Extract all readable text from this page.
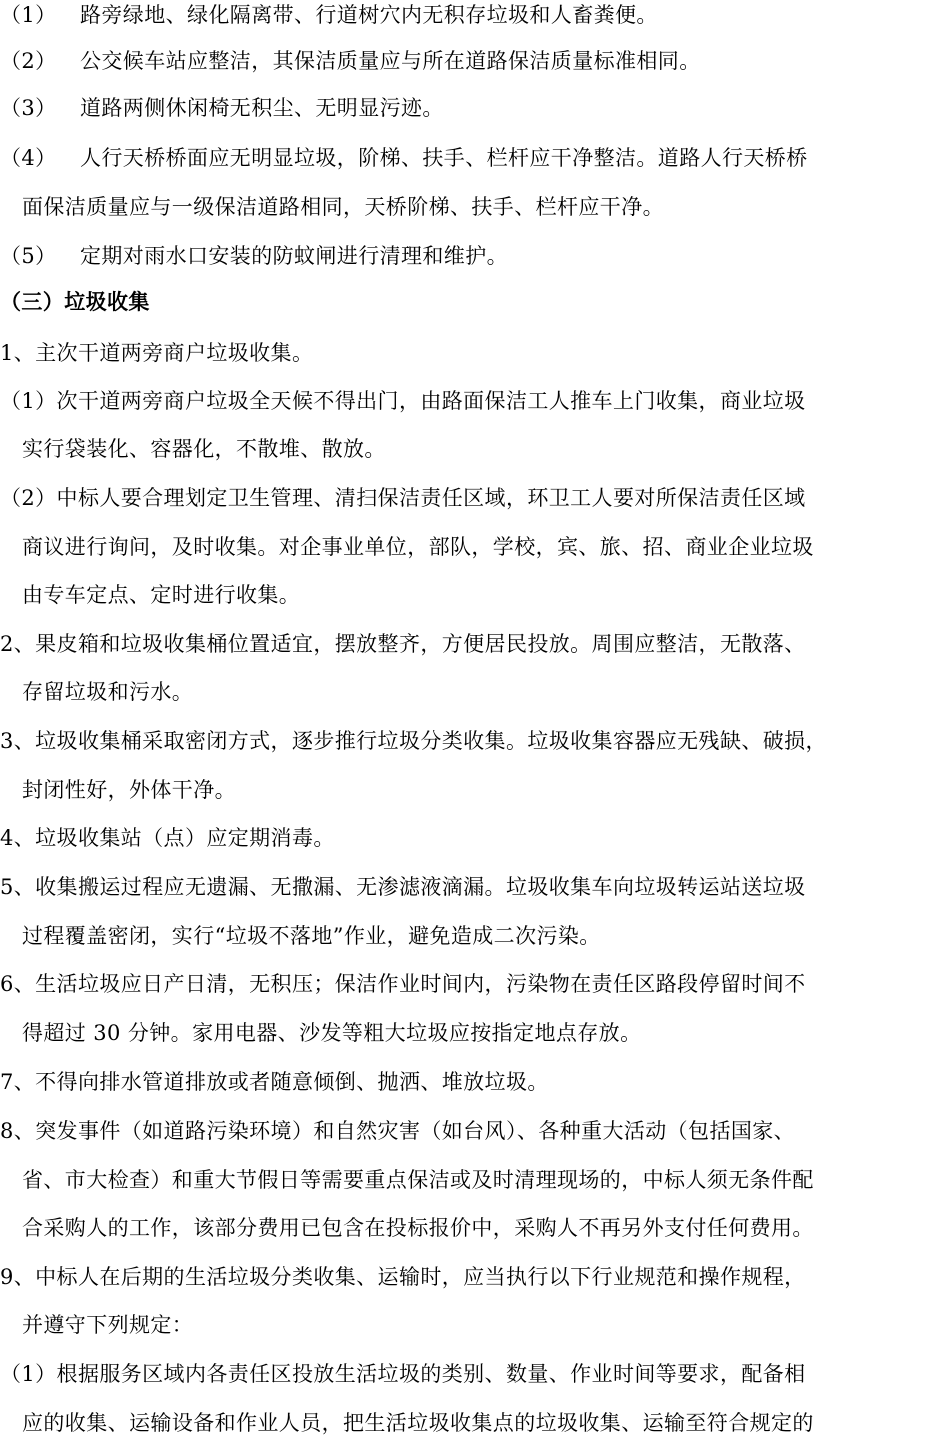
（1） 路旁绿地、绿化隔离带、行道树穴内无积存垃圾和人畜粪便。
（2） 公交候车站应整洁，其保洁质量应与所在道路保洁质量标准相同。
（3） 道路两侧休闲椅无积尘、无明显污迹。
（4） 人行天桥桥面应无明显垃圾，阶梯、扶手、栏杆应干净整洁。道路人行天桥桥
面保洁质量应与一级保洁道路相同，天桥阶梯、扶手、栏杆应干净。
（5） 定期对雨水口安装的防蚊闸进行清理和维护。
（三）垃圾收集
1、主次干道两旁商户垃圾收集。
（1）次干道两旁商户垃圾全天候不得出门，由路面保洁工人推车上门收集，商业垃圾
实行袋装化、容器化，不散堆、散放。
（2）中标人要合理划定卫生管理、清扫保洁责任区域，环卫工人要对所保洁责任区域
商议进行询问，及时收集。对企事业单位，部队，学校，宾、旅、招、商业企业垃圾
由专车定点、定时进行收集。
2、果皮箱和垃圾收集桶位置适宜，摆放整齐，方便居民投放。周围应整洁，无散落、
存留垃圾和污水。
3、垃圾收集桶采取密闭方式，逐步推行垃圾分类收集。垃圾收集容器应无残缺、破损，
封闭性好，外体干净。
4、垃圾收集站（点）应定期消毒。
5、收集搬运过程应无遗漏、无撒漏、无渗滤液滴漏。垃圾收集车向垃圾转运站送垃圾
过程覆盖密闭，实行“垃圾不落地”作业，避免造成二次污染。
6、生活垃圾应日产日清，无积压；保洁作业时间内，污染物在责任区路段停留时间不
得超过 30 分钟。家用电器、沙发等粗大垃圾应按指定地点存放。
7、不得向排水管道排放或者随意倾倒、抛洒、堆放垃圾。
8、突发事件（如道路污染环境）和自然灾害（如台风）、各种重大活动（包括国家、
省、市大检查）和重大节假日等需要重点保洁或及时清理现场的，中标人须无条件配
合采购人的工作，该部分费用已包含在投标报价中，采购人不再另外支付任何费用。
9、中标人在后期的生活垃圾分类收集、运输时，应当执行以下行业规范和操作规程，
并遵守下列规定：
（1）根据服务区域内各责任区投放生活垃圾的类别、数量、作业时间等要求，配备相
应的收集、运输设备和作业人员，把生活垃圾收集点的垃圾收集、运输至符合规定的
